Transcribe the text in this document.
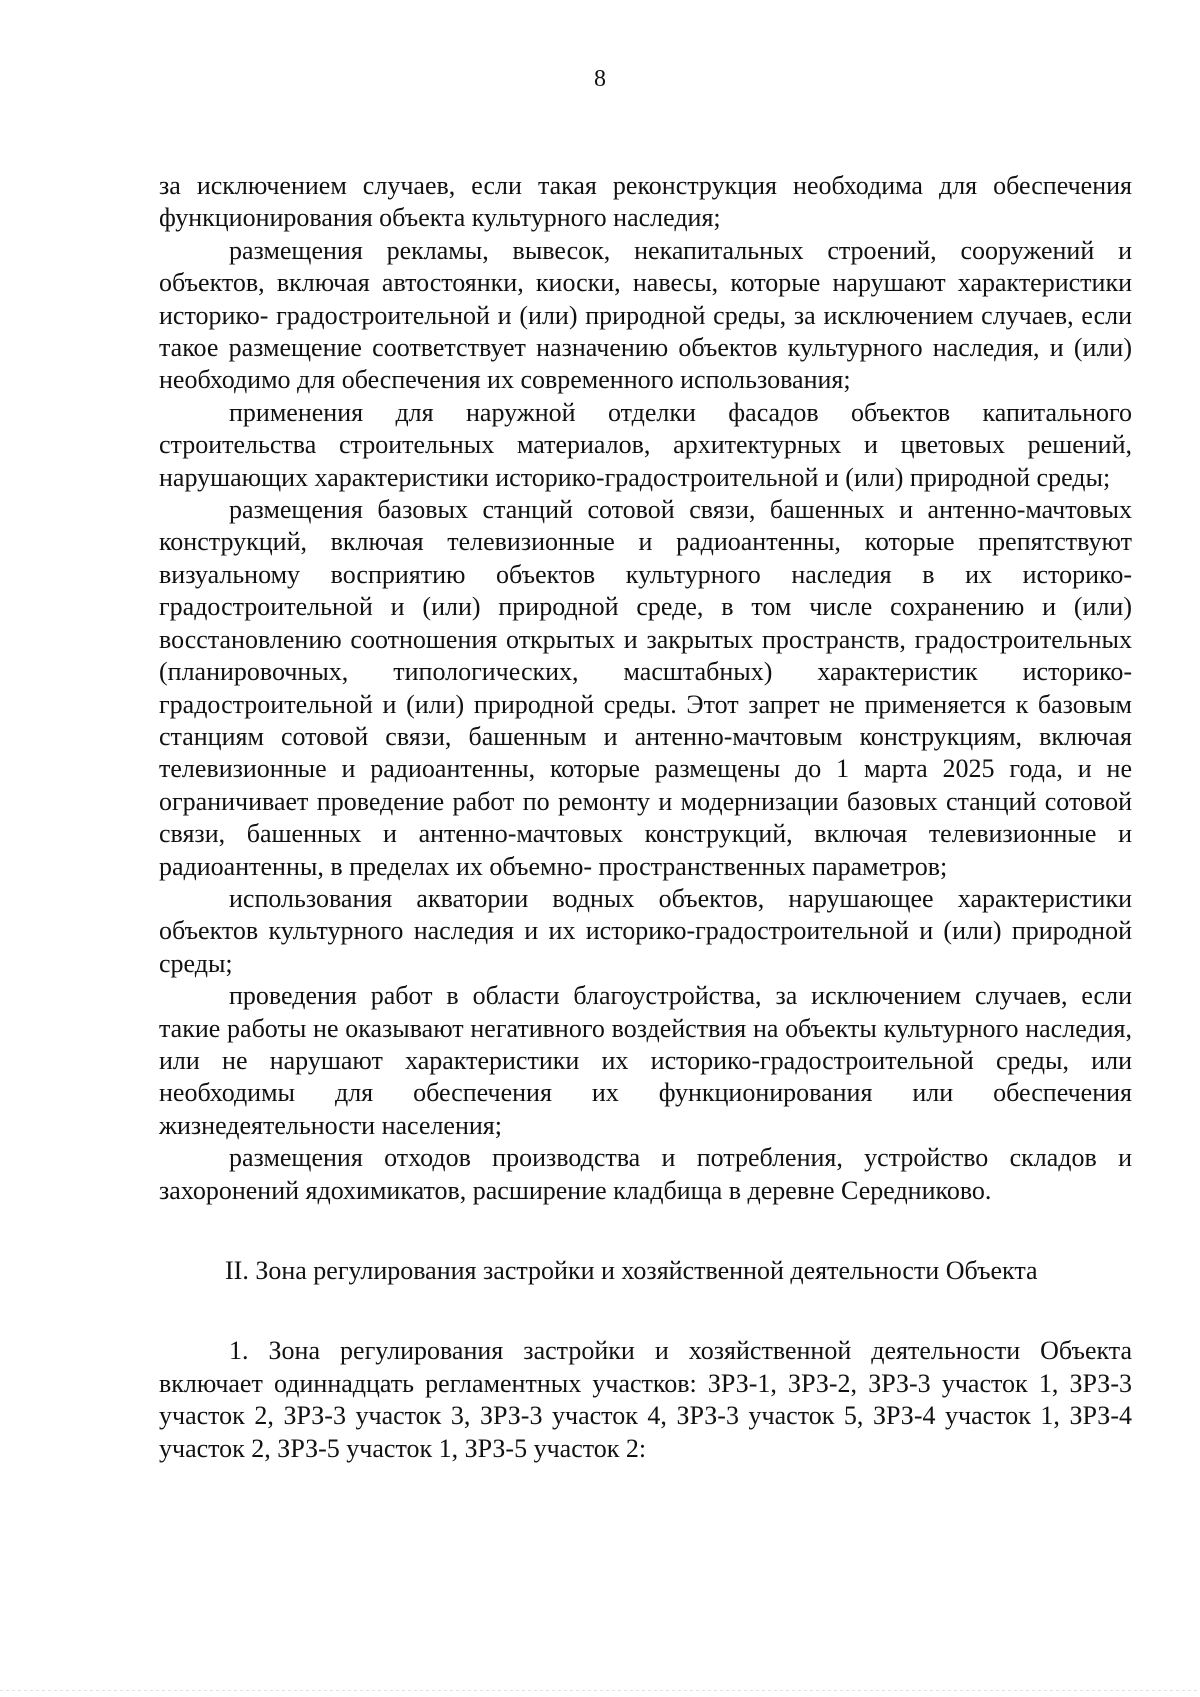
8

за исключением случаев, если такая реконструкция необходима для обеспечения функционирования объекта культурного наследия;

размещения рекламы, вывесок, некапитальных строений, сооружений и объектов, включая автостоянки, киоски, навесы, которые нарушают характеристики историко- градостроительной и (или) природной среды, за исключением случаев, если такое размещение соответствует назначению объектов культурного наследия, и (или) необходимо для обеспечения их современного использования;

применения для наружной отделки фасадов объектов капитального строительства строительных материалов, архитектурных и цветовых решений, нарушающих характеристики историко-градостроительной и (или) природной среды;

размещения базовых станций сотовой связи, башенных и антенно-мачтовых конструкций, включая телевизионные и радиоантенны, которые препятствуют визуальному восприятию объектов культурного наследия в их историко-градостроительной и (или) природной среде, в том числе сохранению и (или) восстановлению соотношения открытых и закрытых пространств, градостроительных (планировочных, типологических, масштабных) характеристик историко-градостроительной и (или) природной среды. Этот запрет не применяется к базовым станциям сотовой связи, башенным и антенно-мачтовым конструкциям, включая телевизионные и радиоантенны, которые размещены до 1 марта 2025 года, и не ограничивает проведение работ по ремонту и модернизации базовых станций сотовой связи, башенных и антенно-мачтовых конструкций, включая телевизионные и радиоантенны, в пределах их объемно- пространственных параметров;

использования акватории водных объектов, нарушающее характеристики объектов культурного наследия и их историко-градостроительной и (или) природной среды;

проведения работ в области благоустройства, за исключением случаев, если такие работы не оказывают негативного воздействия на объекты культурного наследия, или не нарушают характеристики их историко-градостроительной среды, или необходимы для обеспечения их функционирования или обеспечения жизнедеятельности населения;

размещения отходов производства и потребления, устройство складов и захоронений ядохимикатов, расширение кладбища в деревне Середниково.

II. Зона регулирования застройки и хозяйственной деятельности Объекта

1. Зона регулирования застройки и хозяйственной деятельности Объекта включает одиннадцать регламентных участков: ЗРЗ-1, ЗРЗ-2, ЗРЗ-3 участок 1, ЗРЗ-3 участок 2, ЗРЗ-3 участок 3, ЗРЗ-3 участок 4, ЗРЗ-3 участок 5, ЗРЗ-4 участок 1, ЗРЗ-4 участок 2, ЗРЗ-5 участок 1, ЗРЗ-5 участок 2:
